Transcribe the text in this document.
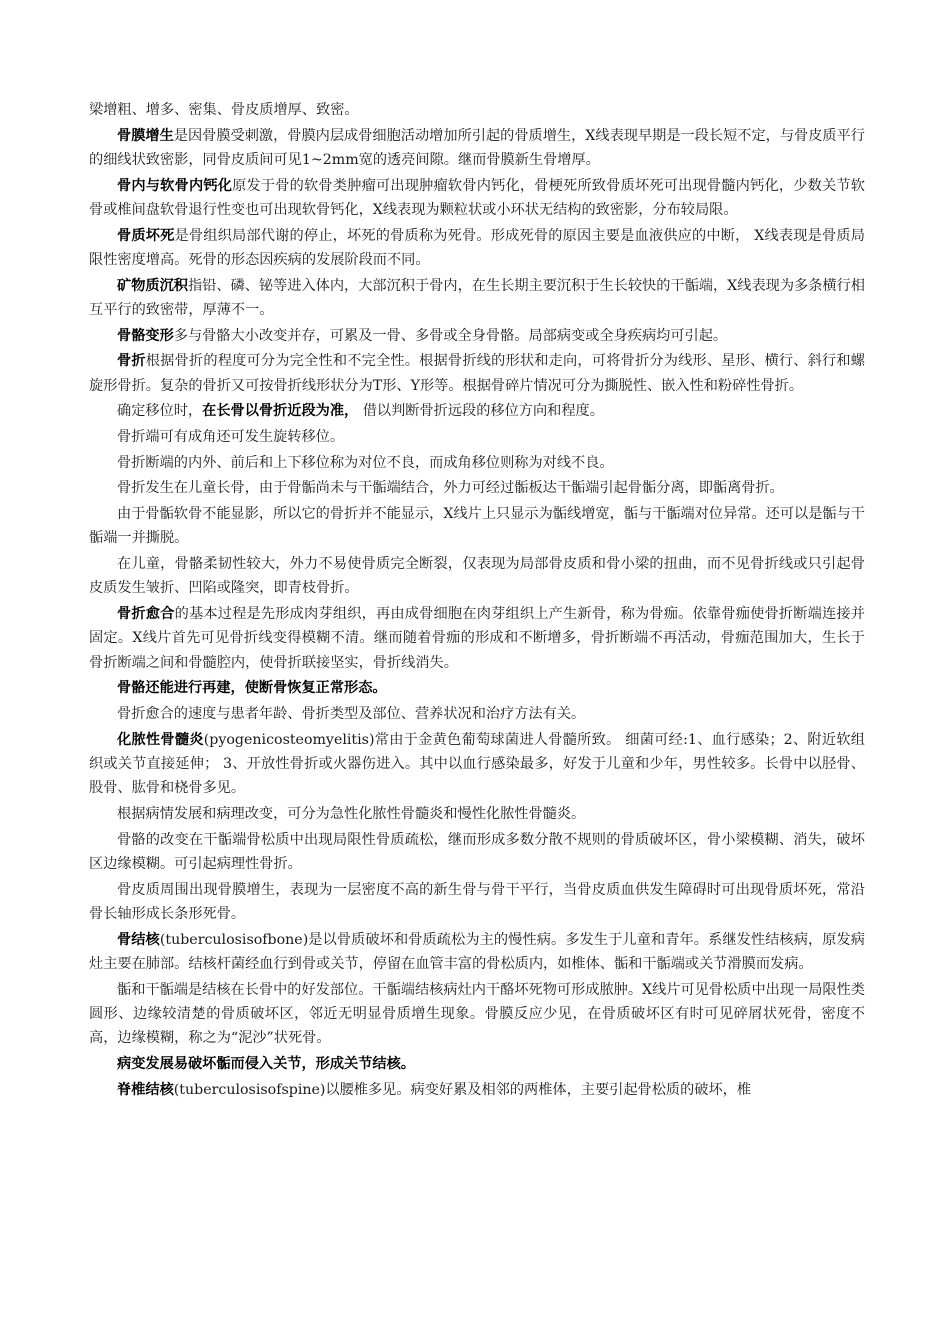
梁增粗、增多、密集、骨皮质增厚、致密。

骨膜增生是因骨膜受刺激，骨膜内层成骨细胞活动增加所引起的骨质增生，X线表现早期是一段长短不定，与骨皮质平行的细线状致密影，同骨皮质间可见1~2mm宽的透亮间隙。继而骨膜新生骨增厚。

骨内与软骨内钙化原发于骨的软骨类肿瘤可出现肿瘤软骨内钙化，骨梗死所致骨质坏死可出现骨髓内钙化，少数关节软骨或椎间盘软骨退行性变也可出现软骨钙化，X线表现为颗粒状或小环状无结构的致密影，分布较局限。

骨质坏死是骨组织局部代谢的停止，坏死的骨质称为死骨。形成死骨的原因主要是血液供应的中断， X线表现是骨质局限性密度增高。死骨的形态因疾病的发展阶段而不同。

矿物质沉积指铅、磷、铋等进入体内，大部沉积于骨内，在生长期主要沉积于生长较快的干骺端，X线表现为多条横行相互平行的致密带，厚薄不一。

骨骼变形多与骨骼大小改变并存，可累及一骨、多骨或全身骨骼。局部病变或全身疾病均可引起。

骨折根据骨折的程度可分为完全性和不完全性。根据骨折线的形状和走向，可将骨折分为线形、星形、横行、斜行和螺旋形骨折。复杂的骨折又可按骨折线形状分为T形、Y形等。根据骨碎片情况可分为撕脱性、嵌入性和粉碎性骨折。

确定移位时，在长骨以骨折近段为准， 借以判断骨折远段的移位方向和程度。

骨折端可有成角还可发生旋转移位。

骨折断端的内外、前后和上下移位称为对位不良，而成角移位则称为对线不良。

骨折发生在儿童长骨，由于骨骺尚未与干骺端结合，外力可经过骺板达干骺端引起骨骺分离，即骺离骨折。

由于骨骺软骨不能显影，所以它的骨折并不能显示，X线片上只显示为骺线增宽，骺与干骺端对位异常。还可以是骺与干骺端一并撕脱。

在儿童，骨骼柔韧性较大，外力不易使骨质完全断裂，仅表现为局部骨皮质和骨小梁的扭曲，而不见骨折线或只引起骨皮质发生皱折、凹陷或隆突，即青枝骨折。

骨折愈合的基本过程是先形成肉芽组织，再由成骨细胞在肉芽组织上产生新骨，称为骨痂。依靠骨痂使骨折断端连接并固定。X线片首先可见骨折线变得模糊不清。继而随着骨痂的形成和不断增多，骨折断端不再活动，骨痂范围加大，生长于骨折断端之间和骨髓腔内，使骨折联接坚实，骨折线消失。

骨骼还能进行再建，使断骨恢复正常形态。

骨折愈合的速度与患者年龄、骨折类型及部位、营养状况和治疗方法有关。

化脓性骨髓炎(pyogenicosteomyelitis)常由于金黄色葡萄球菌进人骨髓所致。 细菌可经:1、血行感染；2、附近软组织或关节直接延伸； 3、开放性骨折或火器伤进入。其中以血行感染最多，好发于儿童和少年，男性较多。长骨中以胫骨、股骨、肱骨和桡骨多见。

根据病情发展和病理改变，可分为急性化脓性骨髓炎和慢性化脓性骨髓炎。

骨骼的改变在干骺端骨松质中出现局限性骨质疏松，继而形成多数分散不规则的骨质破坏区，骨小梁模糊、消失，破坏区边缘模糊。可引起病理性骨折。

骨皮质周围出现骨膜增生，表现为一层密度不高的新生骨与骨干平行，当骨皮质血供发生障碍时可出现骨质坏死，常沿骨长轴形成长条形死骨。

骨结核(tuberculosisofbone)是以骨质破坏和骨质疏松为主的慢性病。多发生于儿童和青年。系继发性结核病，原发病灶主要在肺部。结核杆菌经血行到骨或关节，停留在血管丰富的骨松质内，如椎体、骺和干骺端或关节滑膜而发病。

骺和干骺端是结核在长骨中的好发部位。干骺端结核病灶内干酪坏死物可形成脓肿。X线片可见骨松质中出现一局限性类圆形、边缘较清楚的骨质破坏区，邻近无明显骨质增生现象。骨膜反应少见，在骨质破坏区有时可见碎屑状死骨，密度不高，边缘模糊，称之为“泥沙”状死骨。

病变发展易破坏骺而侵入关节，形成关节结核。

脊椎结核(tuberculosisofspine)以腰椎多见。病变好累及相邻的两椎体，主要引起骨松质的破坏，椎
